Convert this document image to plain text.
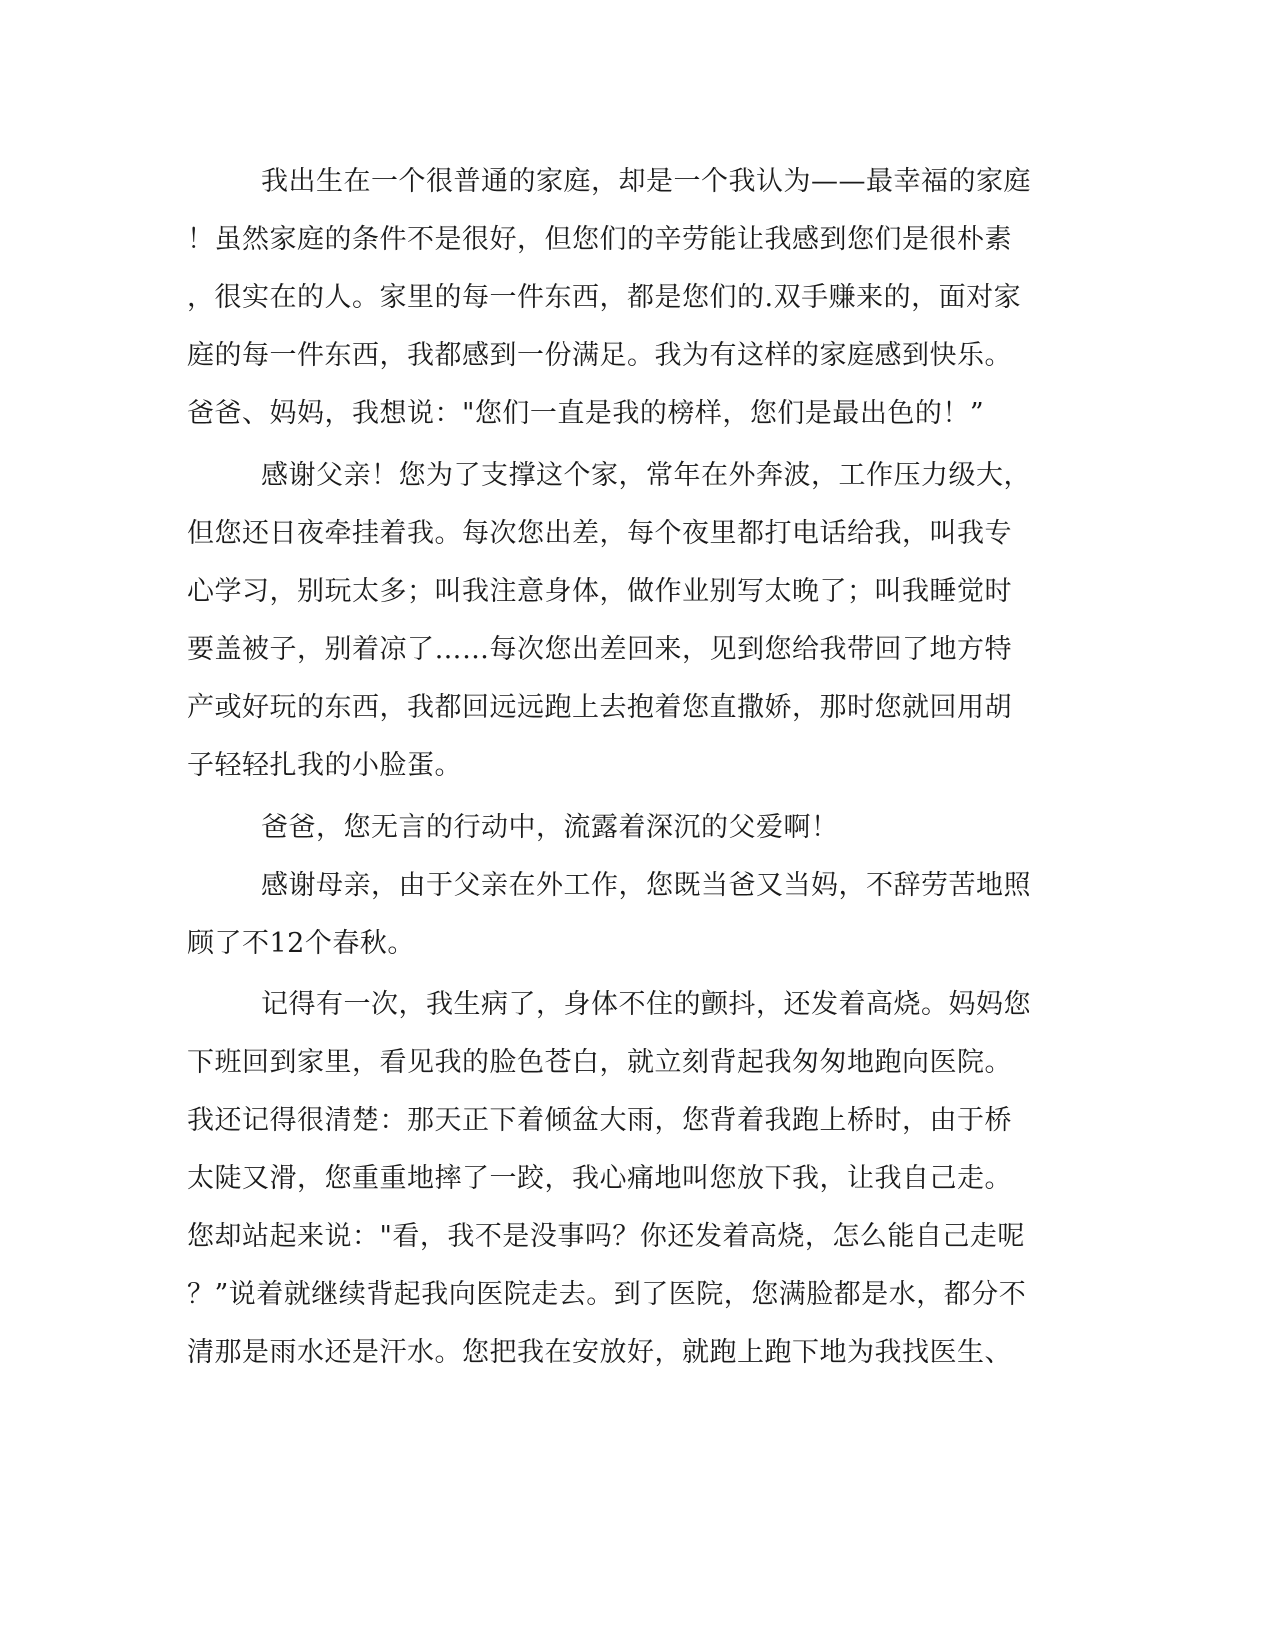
我出生在一个很普通的家庭，却是一个我认为——最幸福的家庭
！虽然家庭的条件不是很好，但您们的辛劳能让我感到您们是很朴素
，很实在的人。家里的每一件东西，都是您们的.双手赚来的，面对家
庭的每一件东西，我都感到一份满足。我为有这样的家庭感到快乐。
爸爸、妈妈，我想说："您们一直是我的榜样，您们是最出色的！”
感谢父亲！您为了支撑这个家，常年在外奔波，工作压力级大，
但您还日夜牵挂着我。每次您出差，每个夜里都打电话给我，叫我专
心学习，别玩太多；叫我注意身体，做作业别写太晚了；叫我睡觉时
要盖被子，别着凉了……每次您出差回来，见到您给我带回了地方特
产或好玩的东西，我都回远远跑上去抱着您直撒娇，那时您就回用胡
子轻轻扎我的小脸蛋。
爸爸，您无言的行动中，流露着深沉的父爱啊！
感谢母亲，由于父亲在外工作，您既当爸又当妈，不辞劳苦地照
顾了不12个春秋。
记得有一次，我生病了，身体不住的颤抖，还发着高烧。妈妈您
下班回到家里，看见我的脸色苍白，就立刻背起我匆匆地跑向医院。
我还记得很清楚：那天正下着倾盆大雨，您背着我跑上桥时，由于桥
太陡又滑，您重重地摔了一跤，我心痛地叫您放下我，让我自己走。
您却站起来说："看，我不是没事吗？你还发着高烧，怎么能自己走呢
？”说着就继续背起我向医院走去。到了医院，您满脸都是水，都分不
清那是雨水还是汗水。您把我在安放好，就跑上跑下地为我找医生、
